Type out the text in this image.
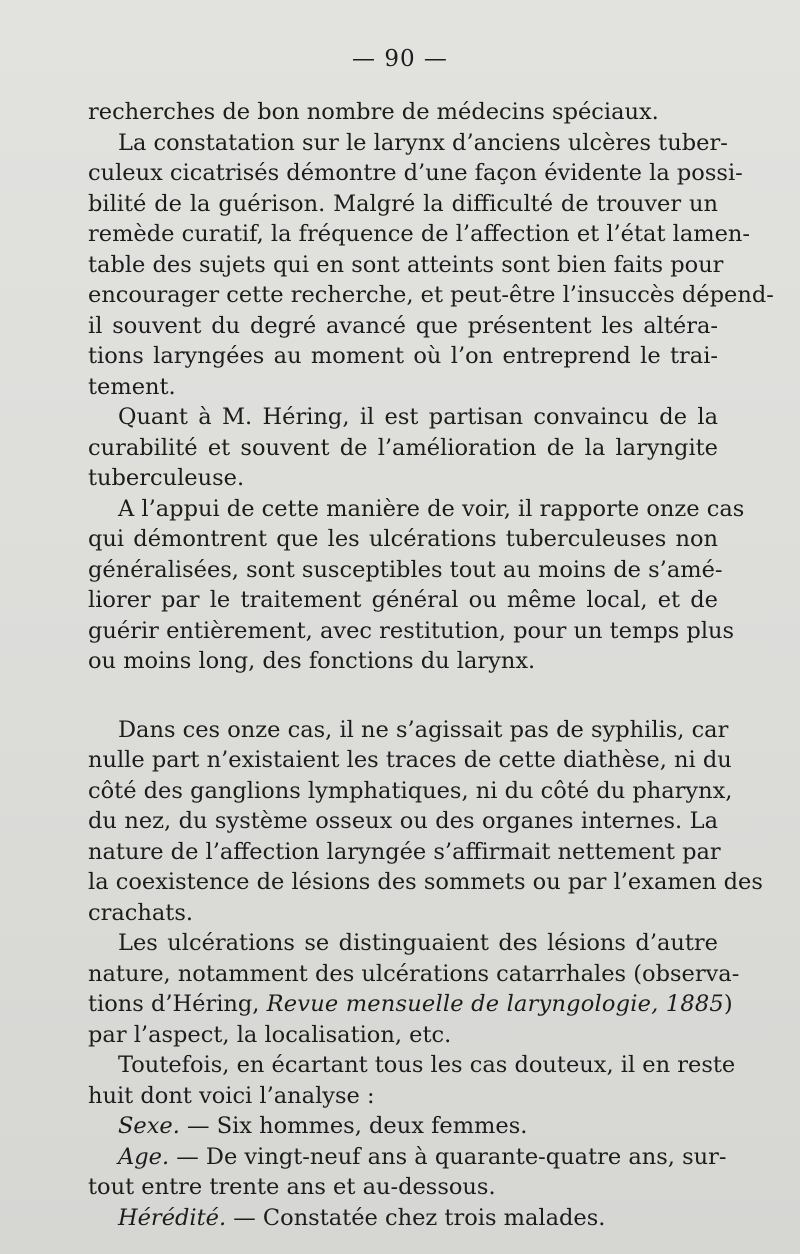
— 90 —
recherches de bon nombre de médecins spéciaux.
La constatation sur le larynx d’anciens ulcères tuber-
culeux cicatrisés démontre d’une façon évidente la possi-
bilité de la guérison. Malgré la difficulté de trouver un
remède curatif, la fréquence de l’affection et l’état lamen-
table des sujets qui en sont atteints sont bien faits pour
encourager cette recherche, et peut-être l’insuccès dépend-
il souvent du degré avancé que présentent les altéra-
tions laryngées au moment où l’on entreprend le trai-
tement.
Quant à M. Héring, il est partisan convaincu de la
curabilité et souvent de l’amélioration de la laryngite
tuberculeuse.
A l’appui de cette manière de voir, il rapporte onze cas
qui démontrent que les ulcérations tuberculeuses non
généralisées, sont susceptibles tout au moins de s’amé-
liorer par le traitement général ou même local, et de
guérir entièrement, avec restitution, pour un temps plus
ou moins long, des fonctions du larynx.
Dans ces onze cas, il ne s’agissait pas de syphilis, car
nulle part n’existaient les traces de cette diathèse, ni du
côté des ganglions lymphatiques, ni du côté du pharynx,
du nez, du système osseux ou des organes internes. La
nature de l’affection laryngée s’affirmait nettement par
la coexistence de lésions des sommets ou par l’examen des
crachats.
Les ulcérations se distinguaient des lésions d’autre
nature, notamment des ulcérations catarrhales (observa-
tions d’Héring, Revue mensuelle de laryngologie, 1885)
par l’aspect, la localisation, etc.
Toutefois, en écartant tous les cas douteux, il en reste
huit dont voici l’analyse :
Sexe. — Six hommes, deux femmes.
Age. — De vingt-neuf ans à quarante-quatre ans, sur-
tout entre trente ans et au-dessous.
Hérédité. — Constatée chez trois malades.
